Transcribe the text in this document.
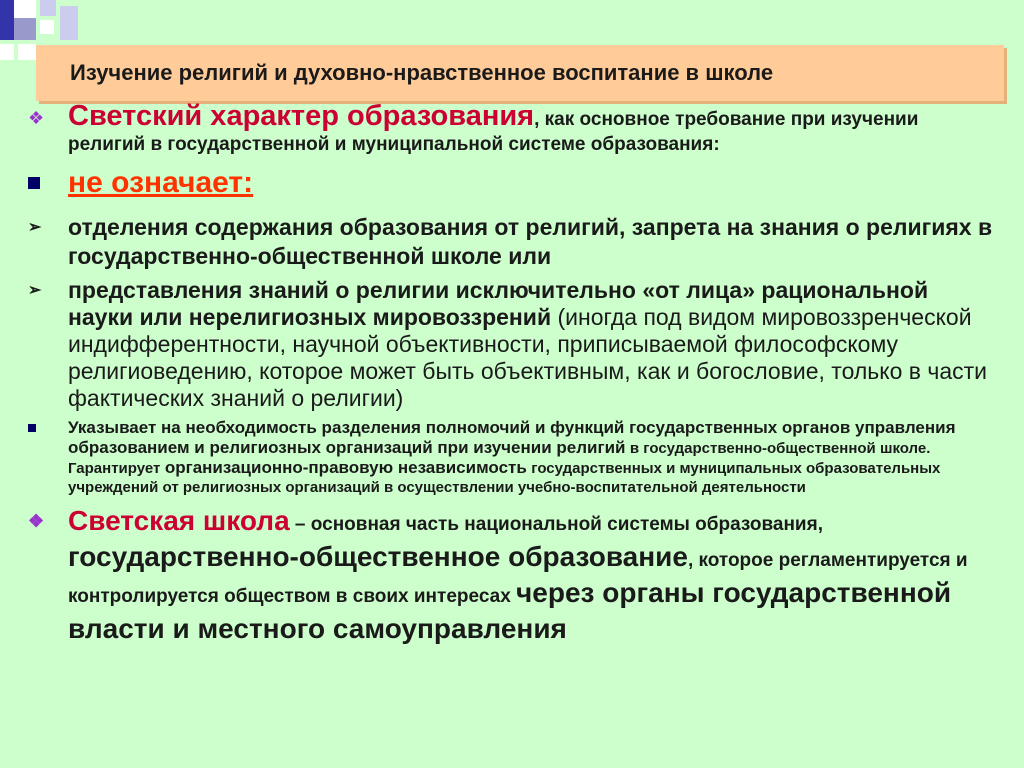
Изучение религий и духовно-нравственное воспитание в школе
❖ Светский характер образования, как основное требование при изучении религий в государственной и муниципальной системе образования:
не означает:
➢ отделения содержания образования от религий, запрета на знания о религиях в государственно-общественной школе или
➢ представления знаний о религии исключительно «от лица» рациональной науки или нерелигиозных мировоззрений (иногда под видом мировоззренческой индифферентности, научной объективности, приписываемой философскому религиоведению, которое может быть объективным, как и богословие, только в части фактических знаний о религии)
Указывает на необходимость разделения полномочий и функций государственных органов управления образованием и религиозных организаций при изучении религий в государственно-общественной школе. Гарантирует организационно-правовую независимость государственных и муниципальных образовательных учреждений от религиозных организаций в осуществлении учебно-воспитательной деятельности
❖ Светская школа – основная часть национальной системы образования, государственно-общественное образование, которое регламентируется и контролируется обществом в своих интересах через органы государственной власти и местного самоуправления
